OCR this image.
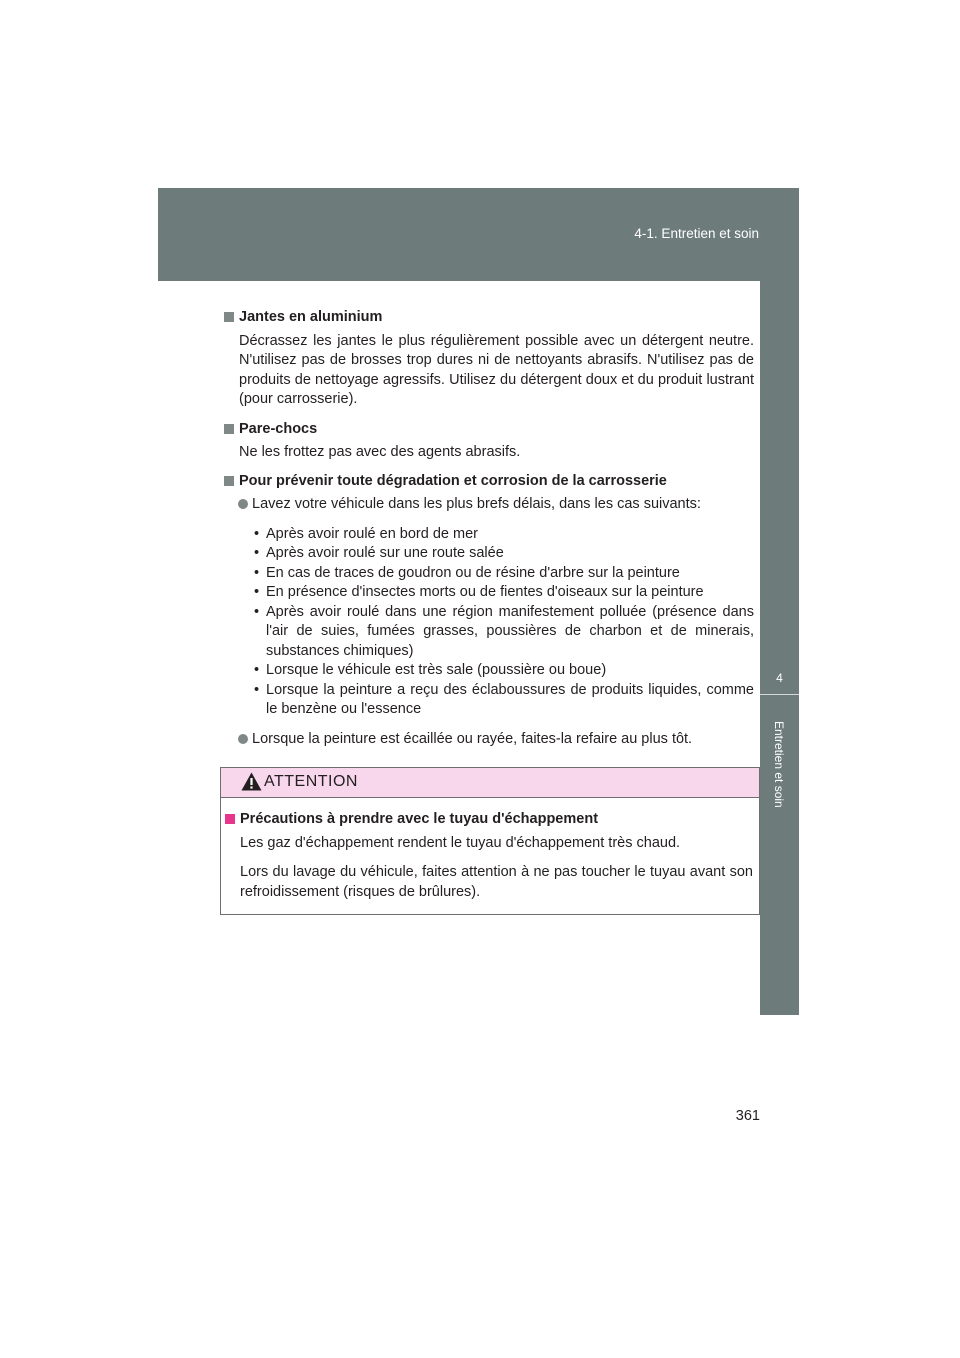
4-1. Entretien et soin
4
Entretien et soin
Jantes en aluminium
Décrassez les jantes le plus régulièrement possible avec un détergent neutre. N'utilisez pas de brosses trop dures ni de nettoyants abrasifs. N'utilisez pas de produits de nettoyage agressifs. Utilisez du détergent doux et du produit lustrant (pour carrosserie).
Pare-chocs
Ne les frottez pas avec des agents abrasifs.
Pour prévenir toute dégradation et corrosion de la carrosserie
Lavez votre véhicule dans les plus brefs délais, dans les cas suivants:
• Après avoir roulé en bord de mer
• Après avoir roulé sur une route salée
• En cas de traces de goudron ou de résine d'arbre sur la peinture
• En présence d'insectes morts ou de fientes d'oiseaux sur la peinture
• Après avoir roulé dans une région manifestement polluée (présence dans l'air de suies, fumées grasses, poussières de charbon et de minerais, substances chimiques)
• Lorsque le véhicule est très sale (poussière ou boue)
• Lorsque la peinture a reçu des éclaboussures de produits liquides, comme le benzène ou l'essence
Lorsque la peinture est écaillée ou rayée, faites-la refaire au plus tôt.
ATTENTION
Précautions à prendre avec le tuyau d'échappement
Les gaz d'échappement rendent le tuyau d'échappement très chaud.
Lors du lavage du véhicule, faites attention à ne pas toucher le tuyau avant son refroidissement (risques de brûlures).
361
